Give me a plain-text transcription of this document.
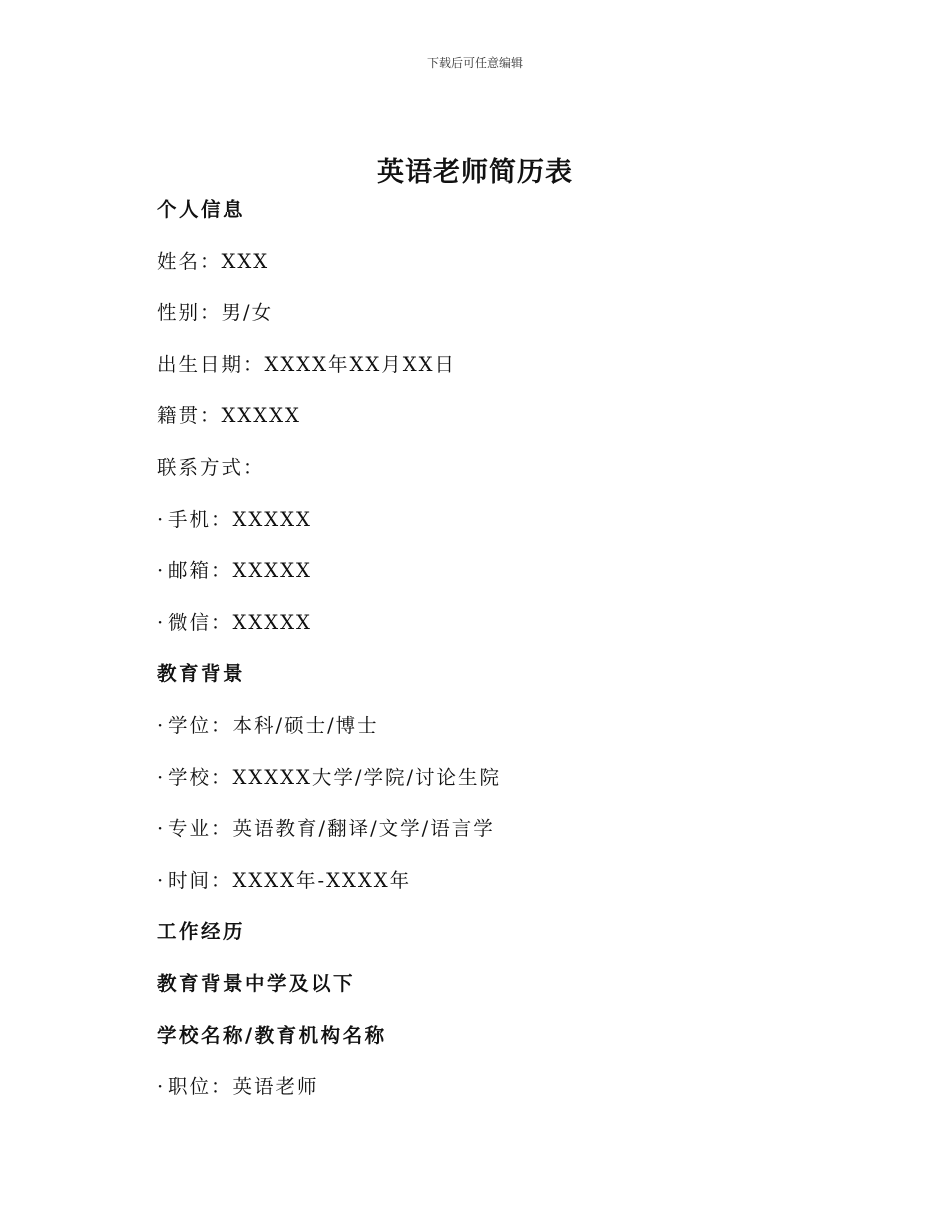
下载后可任意编辑
英语老师简历表
个人信息
姓名：XXX
性别：男/女
出生日期：XXXX年XX月XX日
籍贯：XXXXX
联系方式：
· 手机：XXXXX
· 邮箱：XXXXX
· 微信：XXXXX
教育背景
· 学位：本科/硕士/博士
· 学校：XXXXX大学/学院/讨论生院
· 专业：英语教育/翻译/文学/语言学
· 时间：XXXX年-XXXX年
工作经历
教育背景中学及以下
学校名称/教育机构名称
· 职位：英语老师
